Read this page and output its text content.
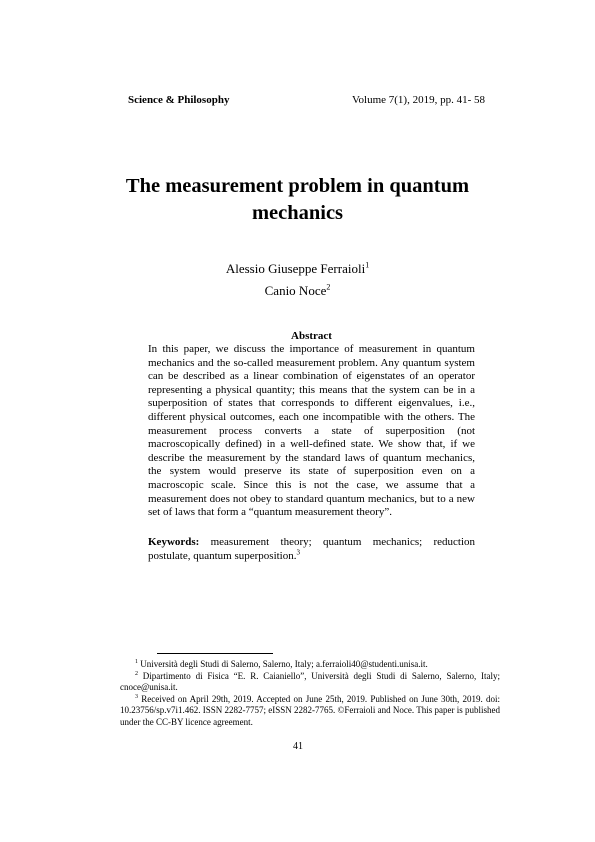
Science & Philosophy	Volume 7(1), 2019, pp. 41- 58
The measurement problem in quantum
mechanics
Alessio Giuseppe Ferraioli$^1$
Canio Noce$^2$
Abstract
In this paper, we discuss the importance of measurement in quantum mechanics and the so-called measurement problem. Any quantum system can be described as a linear combination of eigenstates of an operator representing a physical quantity; this means that the system can be in a superposition of states that corresponds to different eigenvalues, i.e., different physical outcomes, each one incompatible with the others. The measurement process converts a state of superposition (not macroscopically defined) in a well-defined state. We show that, if we describe the measurement by the standard laws of quantum mechanics, the system would preserve its state of superposition even on a macroscopic scale. Since this is not the case, we assume that a measurement does not obey to standard quantum mechanics, but to a new set of laws that form a “quantum measurement theory”.
Keywords: measurement theory; quantum mechanics; reduction postulate, quantum superposition.$^3$
$^1$ Università degli Studi di Salerno, Salerno, Italy; a.ferraioli40@studenti.unisa.it.
$^2$ Dipartimento di Fisica “E. R. Caianiello”, Università degli Studi di Salerno, Salerno, Italy; cnoce@unisa.it.
$^3$ Received on April 29th, 2019. Accepted on June 25th, 2019. Published on June 30th, 2019. doi: 10.23756/sp.v7i1.462. ISSN 2282-7757; eISSN 2282-7765. ©Ferraioli and Noce. This paper is published under the CC-BY licence agreement.
41
